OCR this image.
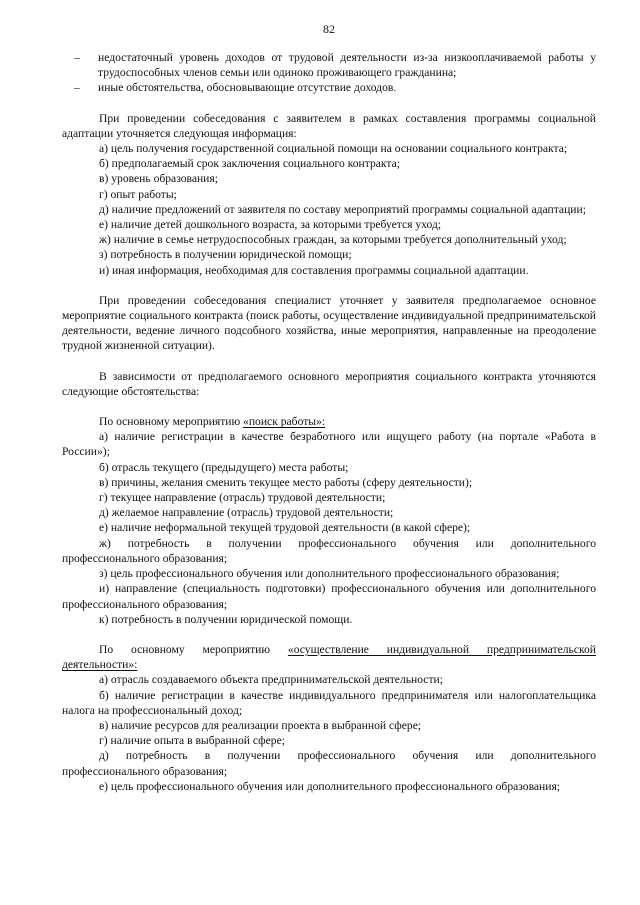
82
–	недостаточный уровень доходов от трудовой деятельности из-за низкооплачиваемой работы у трудоспособных членов семьи или одиноко проживающего гражданина;
–	иные обстоятельства, обосновывающие отсутствие доходов.

При проведении собеседования с заявителем в рамках составления программы социальной адаптации уточняется следующая информация:

а) цель получения государственной социальной помощи на основании социального контракта;

б) предполагаемый срок заключения социального контракта;

в) уровень образования;

г) опыт работы;

д) наличие предложений от заявителя по составу мероприятий программы социальной адаптации;

е) наличие детей дошкольного возраста, за которыми требуется уход;

ж) наличие в семье нетрудоспособных граждан, за которыми требуется дополнительный уход;

з) потребность в получении юридической помощи;

и) иная информация, необходимая для составления программы социальной адаптации.

При проведении собеседования специалист уточняет у заявителя предполагаемое основное мероприятие социального контракта (поиск работы, осуществление индивидуальной предпринимательской деятельности, ведение личного подсобного хозяйства, иные мероприятия, направленные на преодоление трудной жизненной ситуации).

В зависимости от предполагаемого основного мероприятия социального контракта уточняются следующие обстоятельства:

По основному мероприятию «поиск работы»:

а) наличие регистрации в качестве безработного или ищущего работу (на портале «Работа в России»);

б) отрасль текущего (предыдущего) места работы;

в) причины, желания сменить текущее место работы (сферу деятельности);

г) текущее направление (отрасль) трудовой деятельности;

д) желаемое направление (отрасль) трудовой деятельности;

е) наличие неформальной текущей трудовой деятельности (в какой сфере);

ж) потребность в получении профессионального обучения или дополнительного профессионального образования;

з) цель профессионального обучения или дополнительного профессионального образования;

и) направление (специальность подготовки) профессионального обучения или дополнительного профессионального образования;

к) потребность в получении юридической помощи.

По основному мероприятию «осуществление индивидуальной предпринимательской деятельности»:

а) отрасль создаваемого объекта предпринимательской деятельности;

б) наличие регистрации в качестве индивидуального предпринимателя или налогоплательщика налога на профессиональный доход;

в) наличие ресурсов для реализации проекта в выбранной сфере;

г) наличие опыта в выбранной сфере;

д) потребность в получении профессионального обучения или дополнительного профессионального образования;

е) цель профессионального обучения или дополнительного профессионального образования;
